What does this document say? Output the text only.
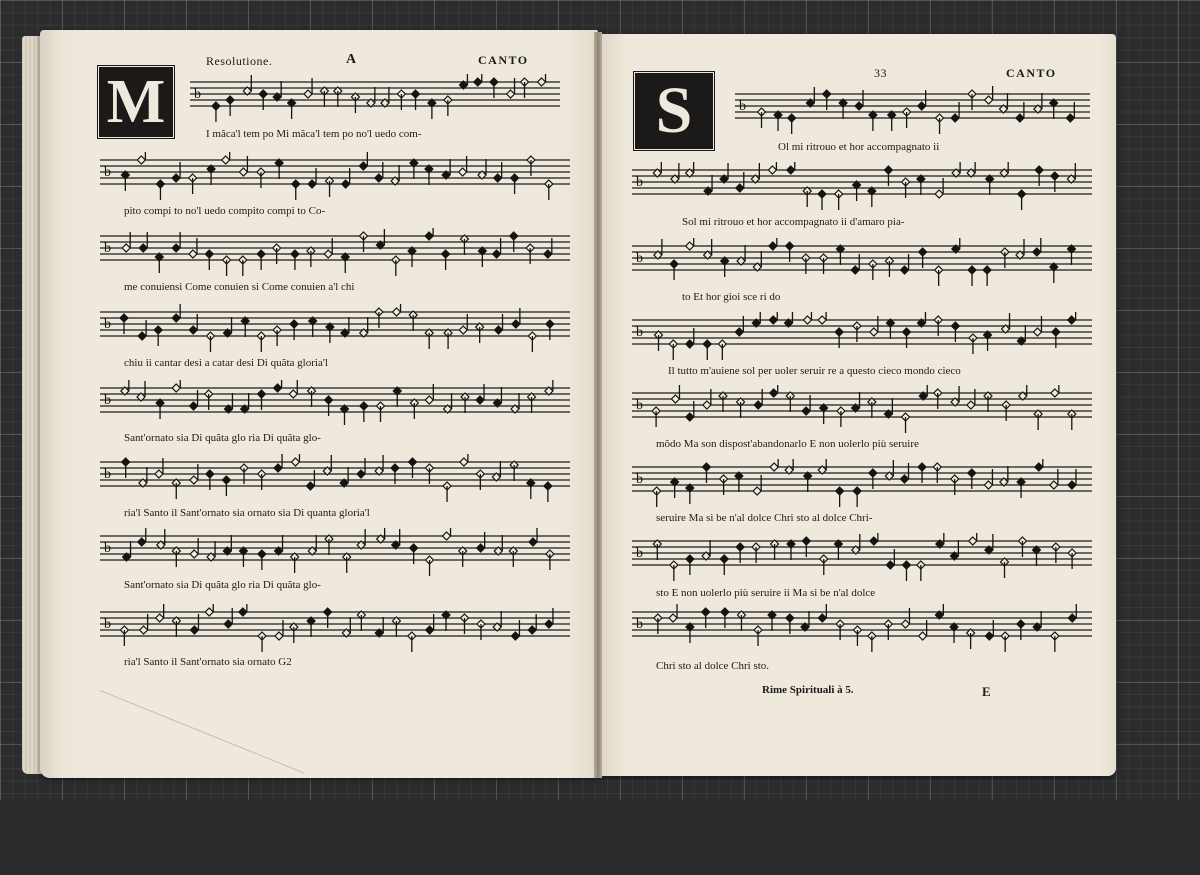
Resolutione.	A	CANTO
M	33	CANTO
S
b
b
b
b
b
b
b
b
b
b
b
b
b
b
b
b
I mãca'l tem po Mi mãca'l tem po no'l uedo com-
pito compi to no'l uedo compito compi to Co-
me conuiensi Come conuien si Come conuien a'l chi
chiu ii cantar desi a catar desi Di quãta gloria'l
Sant'ornato sia Di quãta glo ria Di quãta glo-
ria'l Santo il Sant'ornato sia ornato sia Di quanta gloria'l
Sant'ornato sia Di quãta glo ria Di quãta glo-
ria'l Santo il Sant'ornato sia ornato G2
Ol mi ritrouo et hor accompagnato ii
Sol mi ritrouo et hor accompagnato ii d'amaro pia-
to Et hor gioi sce ri do
Il tutto m'auiene sol per uoler seruir re a questo cieco mondo cieco
mõdo Ma son dispost'abandonarlo E non uolerlo più seruire
seruire Ma si be n'al dolce Chri sto al dolce Chri-
sto E non uolerlo più seruire ii Ma si be n'al dolce
Chri sto al dolce Chri sto.
Rime Spirituali à 5.	E
